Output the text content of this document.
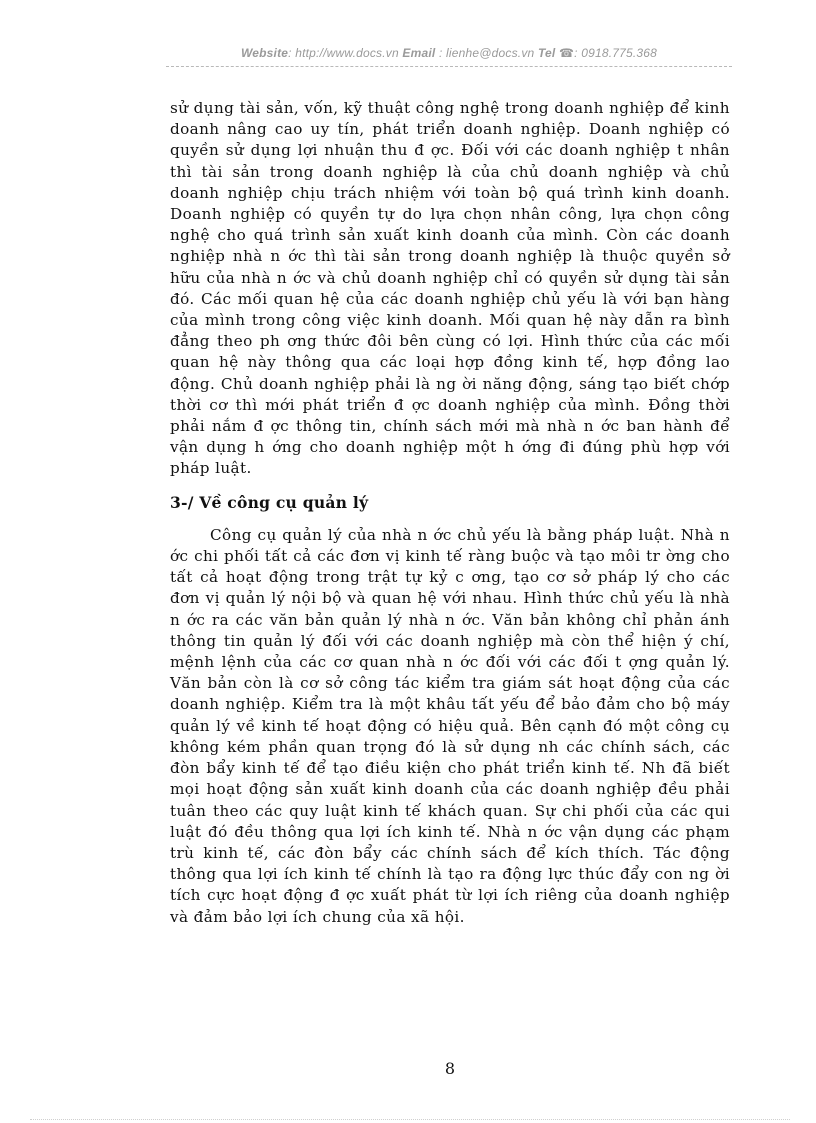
Website: http://www.docs.vn Email : lienhe@docs.vn Tel ☎: 0918.775.368

sử dụng tài sản, vốn, kỹ thuật công nghệ trong doanh nghiệp để kinh doanh nâng cao uy tín, phát triển doanh nghiệp. Doanh nghiệp có quyền sử dụng lợi nhuận thu đ ợc. Đối với các doanh nghiệp t nhân thì tài sản trong doanh nghiệp là của chủ doanh nghiệp và chủ doanh nghiệp chịu trách nhiệm với toàn bộ quá trình kinh doanh. Doanh nghiệp có quyền tự do lựa chọn nhân công, lựa chọn công nghệ cho quá trình sản xuất kinh doanh của mình. Còn các doanh nghiệp nhà n ớc thì tài sản trong doanh nghiệp là thuộc quyền sở hữu của nhà n ớc và chủ doanh nghiệp chỉ có quyền sử dụng tài sản đó. Các mối quan hệ của các doanh nghiệp chủ yếu là với bạn hàng của mình trong công việc kinh doanh. Mối quan hệ này dẫn ra bình đẳng theo ph ơng thức đôi bên cùng có lợi. Hình thức của các mối quan hệ này thông qua các loại hợp đồng kinh tế, hợp đồng lao động. Chủ doanh nghiệp phải là ng ời năng động, sáng tạo biết chớp thời cơ thì mới phát triển đ ợc doanh nghiệp của mình. Đồng thời phải nắm đ ợc thông tin, chính sách mới mà nhà n ớc ban hành để vận dụng h ớng cho doanh nghiệp một h ớng đi đúng phù hợp với pháp luật.

3-/ Về công cụ quản lý

Công cụ quản lý của nhà n ớc chủ yếu là bằng pháp luật. Nhà n ớc chi phối tất cả các đơn vị kinh tế ràng buộc và tạo môi tr ờng cho tất cả hoạt động trong trật tự kỷ c ơng, tạo cơ sở pháp lý cho các đơn vị quản lý nội bộ và quan hệ với nhau. Hình thức chủ yếu là nhà n ớc ra các văn bản quản lý nhà n ớc. Văn bản không chỉ phản ánh thông tin quản lý đối với các doanh nghiệp mà còn thể hiện ý chí, mệnh lệnh của các cơ quan nhà n ớc đối với các đối t ợng quản lý. Văn bản còn là cơ sở công tác kiểm tra giám sát hoạt động của các doanh nghiệp. Kiểm tra là một khâu tất yếu để bảo đảm cho bộ máy quản lý về kinh tế hoạt động có hiệu quả. Bên cạnh đó một công cụ không kém phần quan trọng đó là sử dụng nh các chính sách, các đòn bẩy kinh tế để tạo điều kiện cho phát triển kinh tế. Nh đã biết mọi hoạt động sản xuất kinh doanh của các doanh nghiệp đều phải tuân theo các quy luật kinh tế khách quan. Sự chi phối của các qui luật đó đều thông qua lợi ích kinh tế. Nhà n ớc vận dụng các phạm trù kinh tế, các đòn bẩy các chính sách để kích thích. Tác động thông qua lợi ích kinh tế chính là tạo ra động lực thúc đẩy con ng ời tích cực hoạt động đ ợc xuất phát từ lợi ích riêng của doanh nghiệp và đảm bảo lợi ích chung của xã hội.

8
